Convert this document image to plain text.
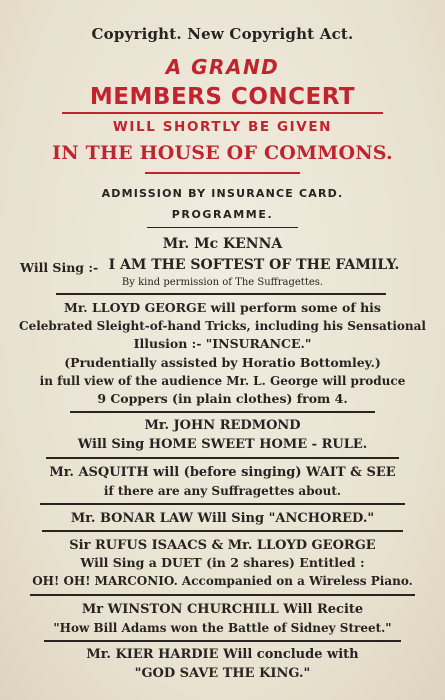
Copyright. New Copyright Act.
A GRAND
MEMBERS CONCERT
WILL SHORTLY BE GIVEN
IN THE HOUSE OF COMMONS.
ADMISSION BY INSURANCE CARD.
PROGRAMME.
Mr. Mc KENNA
Will Sing :- I AM THE SOFTEST OF THE FAMILY.
By kind permission of The Suffragettes.
Mr. LLOYD GEORGE will perform some of his
Celebrated Sleight-of-hand Tricks, including his Sensational
Illusion :- "INSURANCE."
(Prudentially assisted by Horatio Bottomley.)
in full view of the audience Mr. L. George will produce
9 Coppers (in plain clothes) from 4.
Mr. JOHN REDMOND
Will Sing HOME SWEET HOME - RULE.
Mr. ASQUITH will (before singing) WAIT & SEE
if there are any Suffragettes about.
Mr. BONAR LAW Will Sing "ANCHORED."
Sir RUFUS ISAACS & Mr. LLOYD GEORGE
Will Sing a DUET (in 2 shares) Entitled :
OH! OH! MARCONIO. Accompanied on a Wireless Piano.
Mr WINSTON CHURCHILL Will Recite
"How Bill Adams won the Battle of Sidney Street."
Mr. KIER HARDIE Will conclude with
"GOD SAVE THE KING."
